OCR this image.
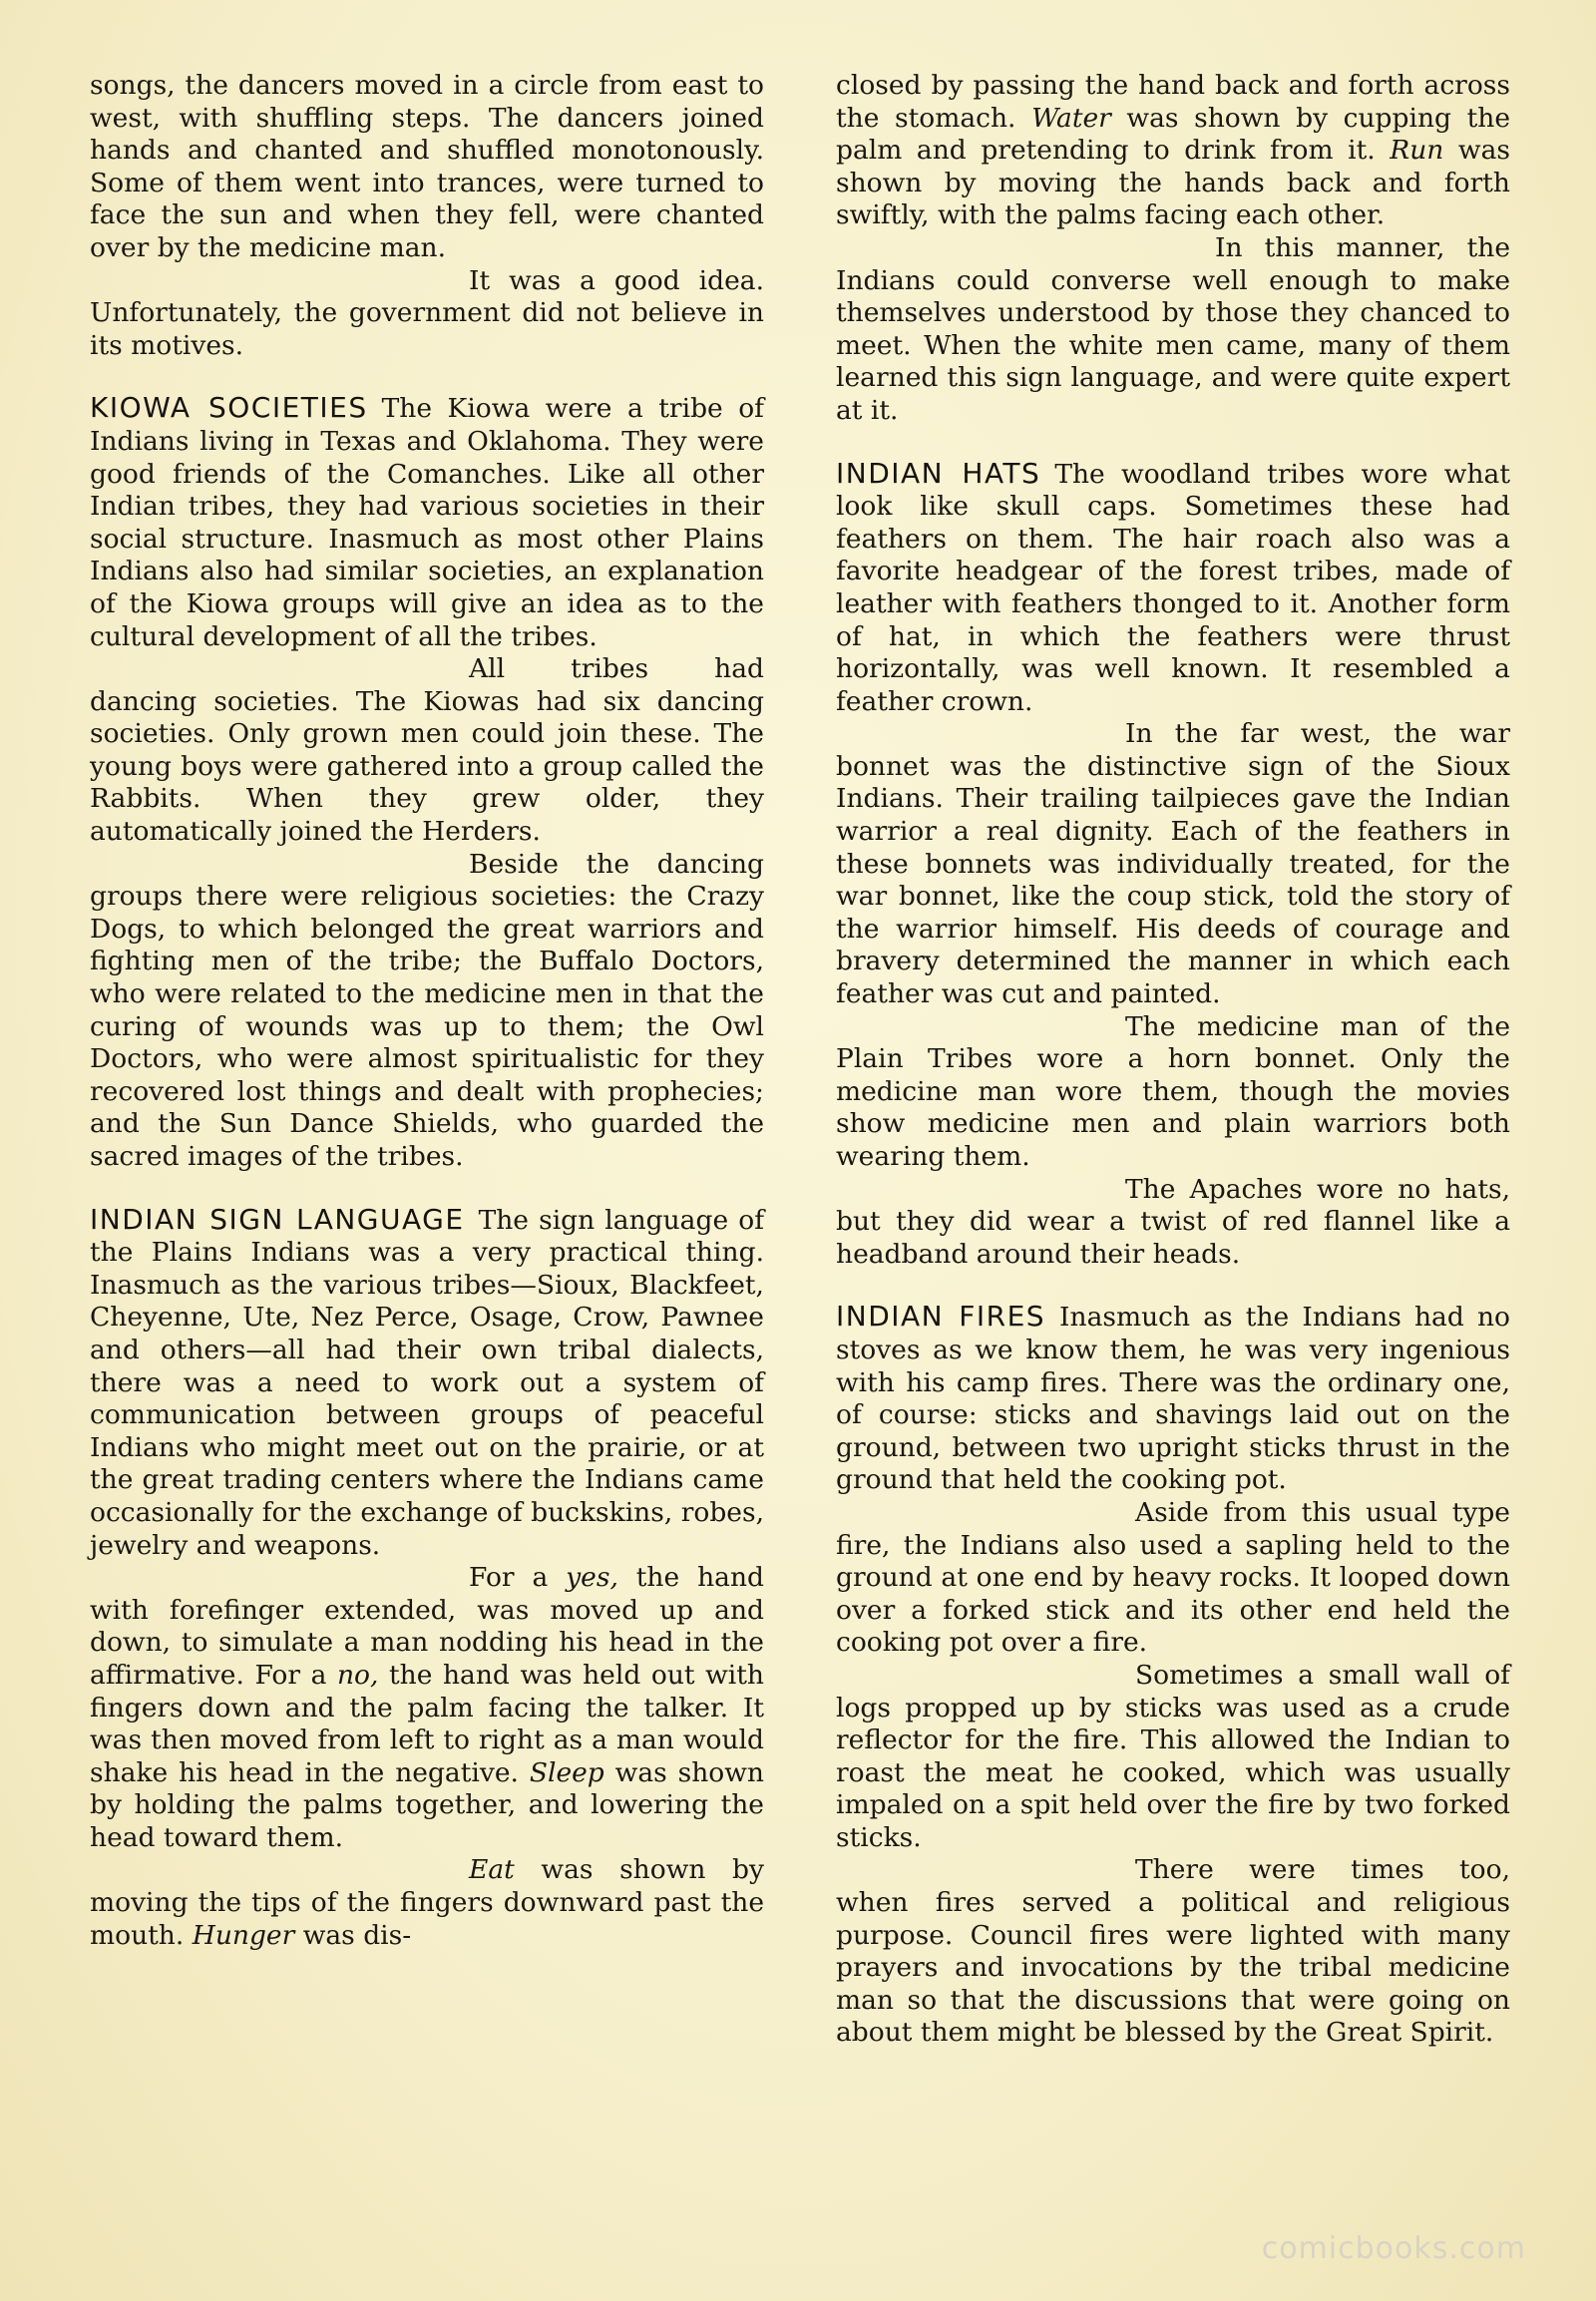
songs, the dancers moved in a circle from east to west, with shuffling steps. The dancers joined hands and chanted and shuffled monotonously. Some of them went into trances, were turned to face the sun and when they fell, were chanted over by the medicine man.

It was a good idea. Unfortunately, the government did not believe in its motives.

KIOWA SOCIETIES The Kiowa were a tribe of Indians living in Texas and Oklahoma. They were good friends of the Comanches. Like all other Indian tribes, they had various societies in their social structure. Inasmuch as most other Plains Indians also had similar societies, an explanation of the Kiowa groups will give an idea as to the cultural development of all the tribes.

All tribes had dancing societies. The Kiowas had six dancing societies. Only grown men could join these. The young boys were gathered into a group called the Rabbits. When they grew older, they automatically joined the Herders.

Beside the dancing groups there were religious societies: the Crazy Dogs, to which belonged the great warriors and fighting men of the tribe; the Buffalo Doctors, who were related to the medicine men in that the curing of wounds was up to them; the Owl Doctors, who were almost spiritualistic for they recovered lost things and dealt with prophecies; and the Sun Dance Shields, who guarded the sacred images of the tribes.

INDIAN SIGN LANGUAGE The sign language of the Plains Indians was a very practical thing. Inasmuch as the various tribes—Sioux, Blackfeet, Cheyenne, Ute, Nez Perce, Osage, Crow, Pawnee and others—all had their own tribal dialects, there was a need to work out a system of communication between groups of peaceful Indians who might meet out on the prairie, or at the great trading centers where the Indians came occasionally for the exchange of buckskins, robes, jewelry and weapons.

For a yes, the hand with forefinger extended, was moved up and down, to simulate a man nodding his head in the affirmative. For a no, the hand was held out with fingers down and the palm facing the talker. It was then moved from left to right as a man would shake his head in the negative. Sleep was shown by holding the palms together, and lowering the head toward them.

Eat was shown by moving the tips of the fingers downward past the mouth. Hunger was dis-

closed by passing the hand back and forth across the stomach. Water was shown by cupping the palm and pretending to drink from it. Run was shown by moving the hands back and forth swiftly, with the palms facing each other.

In this manner, the Indians could converse well enough to make themselves understood by those they chanced to meet. When the white men came, many of them learned this sign language, and were quite expert at it.

INDIAN HATS The woodland tribes wore what look like skull caps. Sometimes these had feathers on them. The hair roach also was a favorite headgear of the forest tribes, made of leather with feathers thonged to it. Another form of hat, in which the feathers were thrust horizontally, was well known. It resembled a feather crown.

In the far west, the war bonnet was the distinctive sign of the Sioux Indians. Their trailing tailpieces gave the Indian warrior a real dignity. Each of the feathers in these bonnets was individually treated, for the war bonnet, like the coup stick, told the story of the warrior himself. His deeds of courage and bravery determined the manner in which each feather was cut and painted.

The medicine man of the Plain Tribes wore a horn bonnet. Only the medicine man wore them, though the movies show medicine men and plain warriors both wearing them.

The Apaches wore no hats, but they did wear a twist of red flannel like a headband around their heads.

INDIAN FIRES Inasmuch as the Indians had no stoves as we know them, he was very ingenious with his camp fires. There was the ordinary one, of course: sticks and shavings laid out on the ground, between two upright sticks thrust in the ground that held the cooking pot.

Aside from this usual type fire, the Indians also used a sapling held to the ground at one end by heavy rocks. It looped down over a forked stick and its other end held the cooking pot over a fire.

Sometimes a small wall of logs propped up by sticks was used as a crude reflector for the fire. This allowed the Indian to roast the meat he cooked, which was usually impaled on a spit held over the fire by two forked sticks.

There were times too, when fires served a political and religious purpose. Council fires were lighted with many prayers and invocations by the tribal medicine man so that the discussions that were going on about them might be blessed by the Great Spirit.

comicbooks.com
